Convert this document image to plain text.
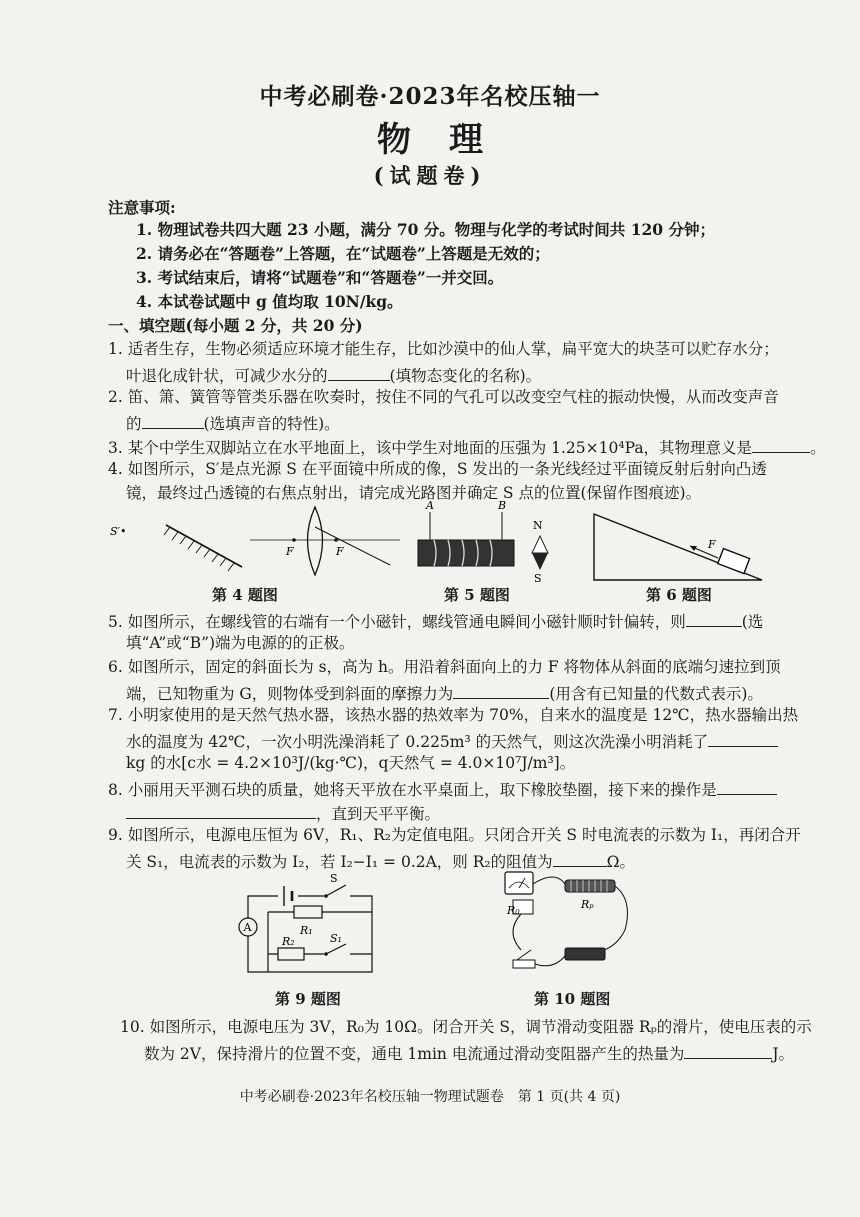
中考必刷卷·2023年名校压轴一
物理
(试题卷)
注意事项:
1. 物理试卷共四大题 23 小题，满分 70 分。物理与化学的考试时间共 120 分钟；
2. 请务必在“答题卷”上答题，在“试题卷”上答题是无效的；
3. 考试结束后，请将“试题卷”和“答题卷”一并交回。
4. 本试卷试题中 g 值均取 10N/kg。
一、填空题(每小题 2 分，共 20 分)
1. 适者生存，生物必须适应环境才能生存，比如沙漠中的仙人掌，扁平宽大的块茎可以贮存水分；
叶退化成针状，可减少水分的	(填物态变化的名称)。
2. 笛、箫、簧管等管类乐器在吹奏时，按住不同的气孔可以改变空气柱的振动快慢，从而改变声音
的	(选填声音的特性)。
3. 某个中学生双脚站立在水平地面上，该中学生对地面的压强为 1.25×10⁴Pa，其物理意义是	。
4. 如图所示，S′是点光源 S 在平面镜中所成的像，S 发出的一条光线经过平面镜反射后射向凸透
镜，最终过凸透镜的右焦点射出，请完成光路图并确定 S 点的位置(保留作图痕迹)。
S′•
F	F
第 4 题图
A	B
N
S
第 5 题图
F
第 6 题图
5. 如图所示，在螺线管的右端有一个小磁针，螺线管通电瞬间小磁针顺时针偏转，则	(选
填“A”或“B”)端为电源的的正极。
6. 如图所示，固定的斜面长为 s，高为 h。用沿着斜面向上的力 F 将物体从斜面的底端匀速拉到顶
端，已知物重为 G，则物体受到斜面的摩擦力为	(用含有已知量的代数式表示)。
7. 小明家使用的是天然气热水器，该热水器的热效率为 70%，自来水的温度是 12℃，热水器输出热
水的温度为 42℃，一次小明洗澡消耗了 0.225m³ 的天然气，则这次洗澡小明消耗了
kg 的水[c水 = 4.2×10³J/(kg·℃)，q天然气 = 4.0×10⁷J/m³]。
8. 小丽用天平测石块的质量，她将天平放在水平桌面上，取下橡胶垫圈，接下来的操作是
，直到天平平衡。
9. 如图所示，电源电压恒为 6V，R₁、R₂为定值电阻。只闭合开关 S 时电流表的示数为 I₁，再闭合开
关 S₁，电流表的示数为 I₂，若 I₂−I₁ = 0.2A，则 R₂的阻值为	Ω。
S
A	R₁
R₂	S₁
第 9 题图
R₀	Rₚ
第 10 题图
10. 如图所示，电源电压为 3V，R₀为 10Ω。闭合开关 S，调节滑动变阻器 Rₚ的滑片，使电压表的示
数为 2V，保持滑片的位置不变，通电 1min 电流通过滑动变阻器产生的热量为	J。
中考必刷卷·2023年名校压轴一物理试题卷　第 1 页(共 4 页)
